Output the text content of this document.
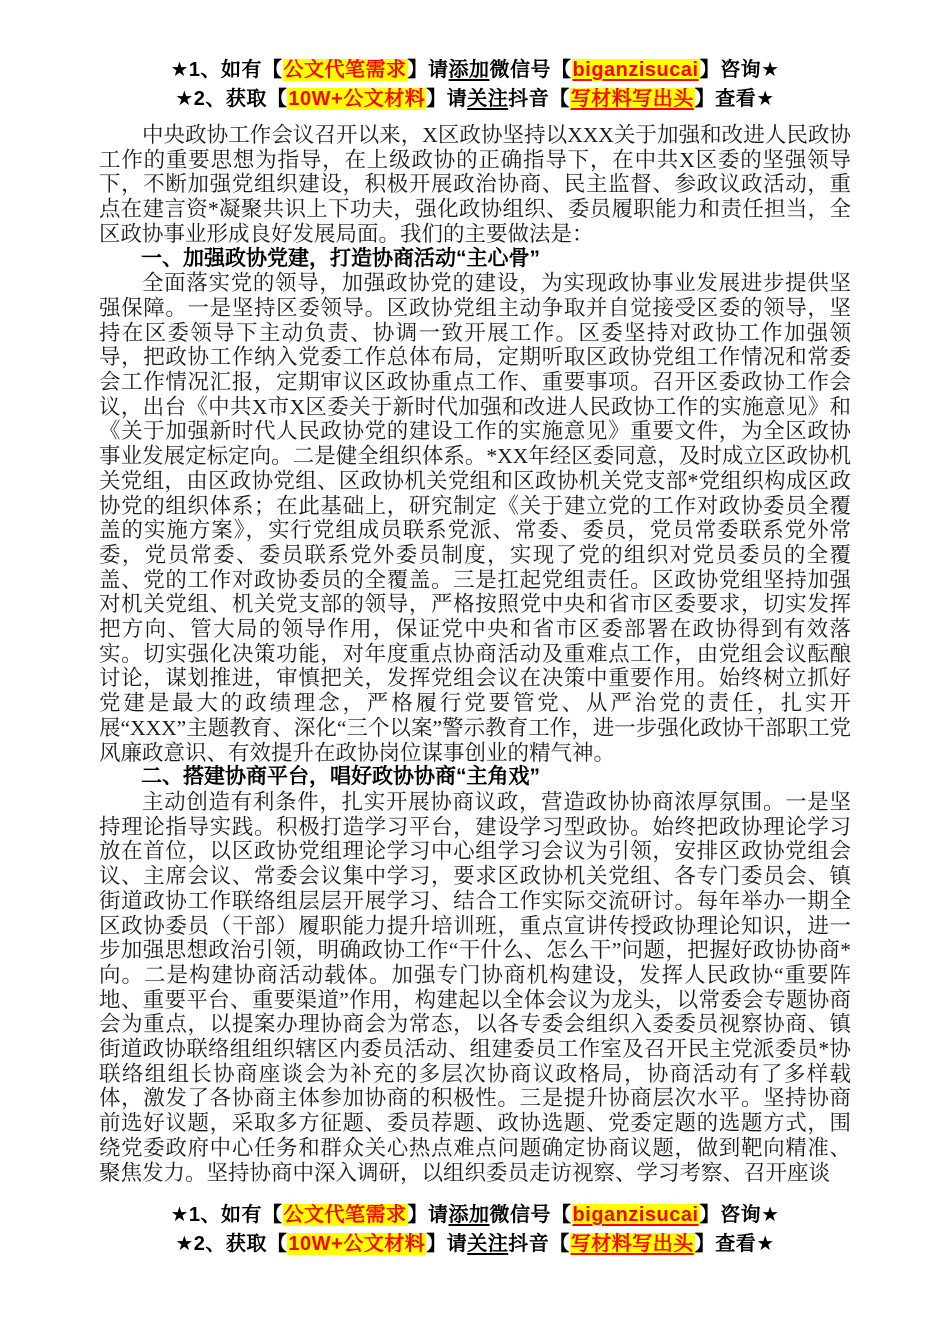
★1、如有【公文代笔需求】请添加微信号【biganzisucai】咨询★
★2、获取【10W+公文材料】请关注抖音【写材料写出头】查看★

中央政协工作会议召开以来，X区政协坚持以XXX关于加强和改进人民政协工作的重要思想为指导，在上级政协的正确指导下，在中共X区委的坚强领导下，不断加强党组织建设，积极开展政治协商、民主监督、参政议政活动，重点在建言资*凝聚共识上下功夫，强化政协组织、委员履职能力和责任担当，全区政协事业形成良好发展局面。我们的主要做法是：

一、加强政协党建，打造协商活动“主心骨”

全面落实党的领导，加强政协党的建设，为实现政协事业发展进步提供坚强保障。一是坚持区委领导。区政协党组主动争取并自觉接受区委的领导，坚持在区委领导下主动负责、协调一致开展工作。区委坚持对政协工作加强领导，把政协工作纳入党委工作总体布局，定期听取区政协党组工作情况和常委会工作情况汇报，定期审议区政协重点工作、重要事项。召开区委政协工作会议，出台《中共X市X区委关于新时代加强和改进人民政协工作的实施意见》和《关于加强新时代人民政协党的建设工作的实施意见》重要文件，为全区政协事业发展定标定向。二是健全组织体系。*XX年经区委同意，及时成立区政协机关党组，由区政协党组、区政协机关党组和区政协机关党支部*党组织构成区政协党的组织体系；在此基础上，研究制定《关于建立党的工作对政协委员全覆盖的实施方案》，实行党组成员联系党派、常委、委员，党员常委联系党外常委，党员常委、委员联系党外委员制度，实现了党的组织对党员委员的全覆盖、党的工作对政协委员的全覆盖。三是扛起党组责任。区政协党组坚持加强对机关党组、机关党支部的领导，严格按照党中央和省市区委要求，切实发挥把方向、管大局的领导作用，保证党中央和省市区委部署在政协得到有效落实。切实强化决策功能，对年度重点协商活动及重难点工作，由党组会议酝酿讨论，谋划推进，审慎把关，发挥党组会议在决策中重要作用。始终树立抓好党建是最大的政绩理念，严格履行党要管党、从严治党的责任，扎实开展“XXX”主题教育、深化“三个以案”警示教育工作，进一步强化政协干部职工党风廉政意识、有效提升在政协岗位谋事创业的精气神。

二、搭建协商平台，唱好政协协商“主角戏”

主动创造有利条件，扎实开展协商议政，营造政协协商浓厚氛围。一是坚持理论指导实践。积极打造学习平台，建设学习型政协。始终把政协理论学习放在首位，以区政协党组理论学习中心组学习会议为引领，安排区政协党组会议、主席会议、常委会议集中学习，要求区政协机关党组、各专门委员会、镇街道政协工作联络组层层开展学习、结合工作实际交流研讨。每年举办一期全区政协委员（干部）履职能力提升培训班，重点宣讲传授政协理论知识，进一步加强思想政治引领，明确政协工作“干什么、怎么干”问题，把握好政协协商*向。二是构建协商活动载体。加强专门协商机构建设，发挥人民政协“重要阵地、重要平台、重要渠道”作用，构建起以全体会议为龙头，以常委会专题协商会为重点，以提案办理协商会为常态，以各专委会组织入委委员视察协商、镇街道政协联络组组织辖区内委员活动、组建委员工作室及召开民主党派委员*协联络组组长协商座谈会为补充的多层次协商议政格局，协商活动有了多样载体，激发了各协商主体参加协商的积极性。三是提升协商层次水平。坚持协商前选好议题，采取多方征题、委员荐题、政协选题、党委定题的选题方式，围绕党委政府中心任务和群众关心热点难点问题确定协商议题，做到靶向精准、聚焦发力。坚持协商中深入调研，以组织委员走访视察、学习考察、召开座谈

★1、如有【公文代笔需求】请添加微信号【biganzisucai】咨询★
★2、获取【10W+公文材料】请关注抖音【写材料写出头】查看★
